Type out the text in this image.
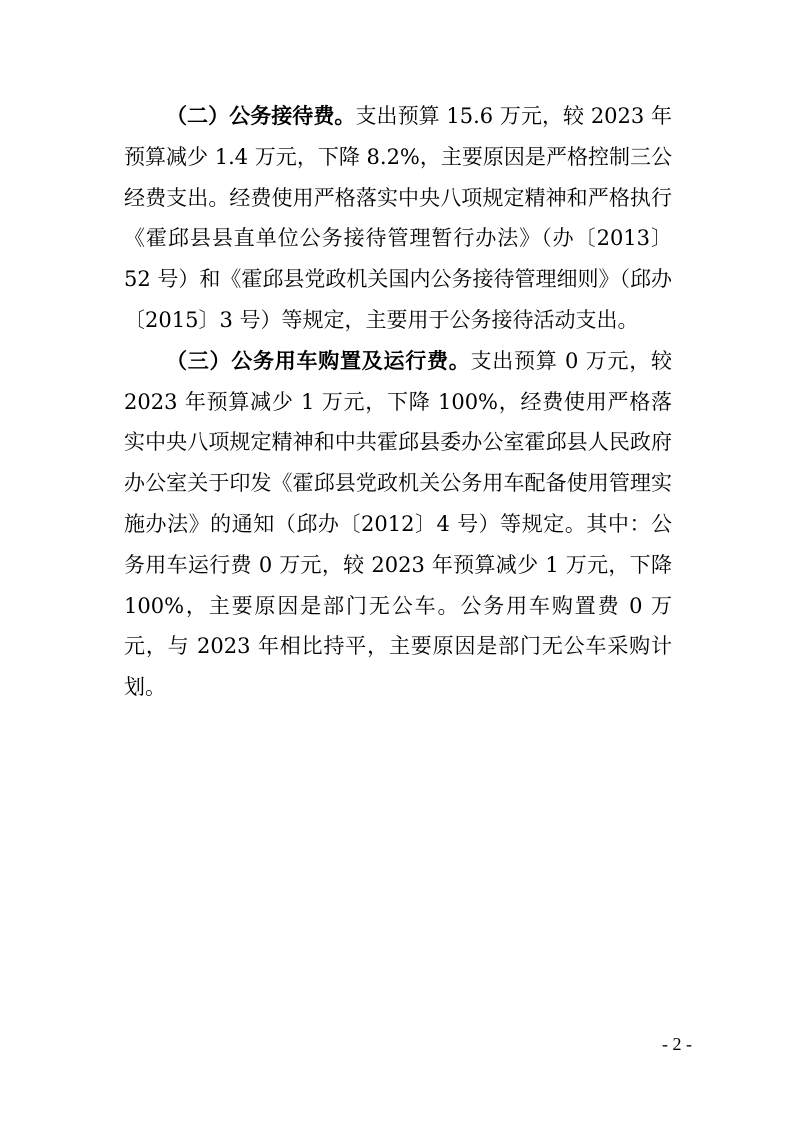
（二）公务接待费。支出预算 15.6 万元，较 2023 年预算减少 1.4 万元，下降 8.2%，主要原因是严格控制三公经费支出。经费使用严格落实中央八项规定精神和严格执行《霍邱县县直单位公务接待管理暂行办法》（办〔2013〕52 号）和《霍邱县党政机关国内公务接待管理细则》（邱办〔2015〕3 号）等规定，主要用于公务接待活动支出。

（三）公务用车购置及运行费。支出预算 0 万元，较 2023 年预算减少 1 万元，下降 100%，经费使用严格落实中央八项规定精神和中共霍邱县委办公室霍邱县人民政府办公室关于印发《霍邱县党政机关公务用车配备使用管理实施办法》的通知（邱办〔2012〕4 号）等规定。其中：公务用车运行费 0 万元，较 2023 年预算减少 1 万元，下降 100%，主要原因是部门无公车。公务用车购置费 0 万元，与 2023 年相比持平，主要原因是部门无公车采购计划。

- 2 -
